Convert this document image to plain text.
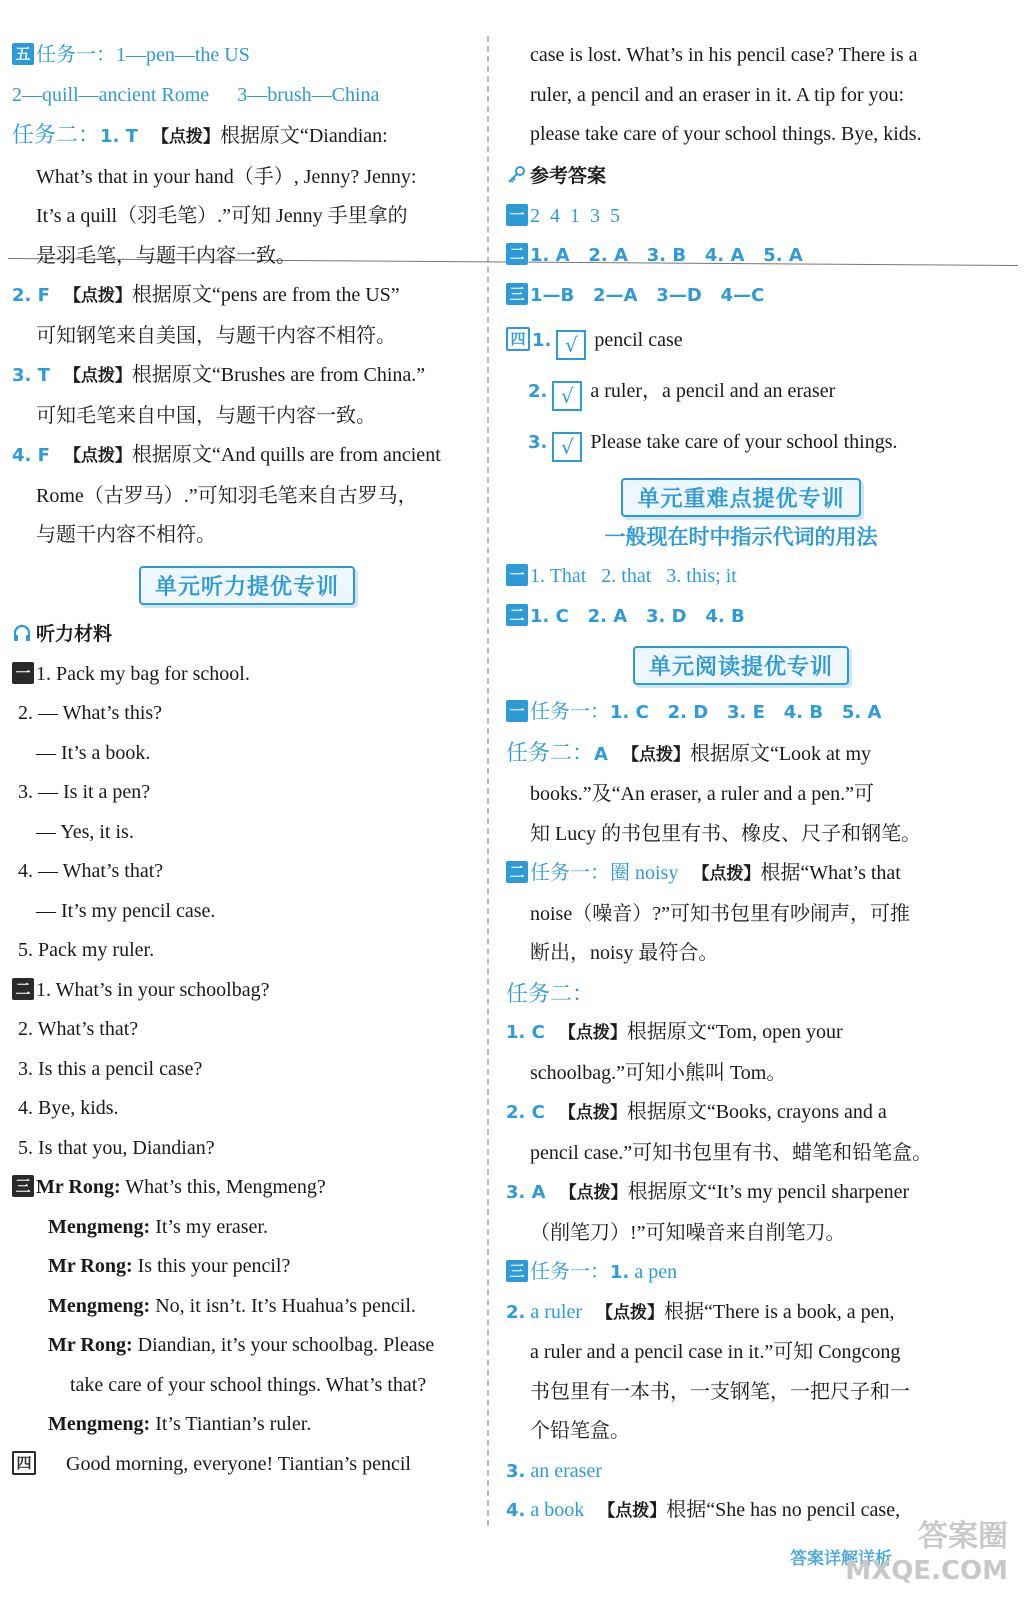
五 任务一：1—pen—the US
2—quill—ancient Rome 3—brush—China
任务二：1. T 【点拨】根据原文“Diandian:
What’s that in your hand（手）, Jenny? Jenny:
It’s a quill（羽毛笔）.”可知 Jenny 手里拿的
是羽毛笔，与题干内容一致。
2. F 【点拨】根据原文“pens are from the US”
可知钢笔来自美国，与题干内容不相符。
3. T 【点拨】根据原文“Brushes are from China.”
可知毛笔来自中国，与题干内容一致。
4. F 【点拨】根据原文“And quills are from ancient
Rome（古罗马）.”可知羽毛笔来自古罗马，
与题干内容不相符。
单元听力提优专训
听力材料
一 1. Pack my bag for school.
2. — What’s this?
— It’s a book.
3. — Is it a pen?
— Yes, it is.
4. — What’s that?
— It’s my pencil case.
5. Pack my ruler.
二 1. What’s in your schoolbag?
2. What’s that?
3. Is this a pencil case?
4. Bye, kids.
5. Is that you, Diandian?
三 Mr Rong: What’s this, Mengmeng?
Mengmeng: It’s my eraser.
Mr Rong: Is this your pencil?
Mengmeng: No, it isn’t. It’s Huahua’s pencil.
Mr Rong: Diandian, it’s your schoolbag. Please
take care of your school things. What’s that?
Mengmeng: It’s Tiantian’s ruler.
四 Good morning, everyone! Tiantian’s pencil
case is lost. What’s in his pencil case? There is a
ruler, a pencil and an eraser in it. A tip for you:
please take care of your school things. Bye, kids.
参考答案
一 2  4  1  3  5
二 1. A   2. A   3. B   4. A   5. A
三 1—B   2—A   3—D   4—C
四 1. √ pencil case
2. √ a ruler，a pencil and an eraser
3. √ Please take care of your school things.
单元重难点提优专训
一般现在时中指示代词的用法
一 1. That   2. that   3. this; it
二 1. C   2. A   3. D   4. B
单元阅读提优专训
一 任务一：1. C   2. D   3. E   4. B   5. A
任务二：A 【点拨】根据原文“Look at my
books.”及“An eraser, a ruler and a pen.”可
知 Lucy 的书包里有书、橡皮、尺子和钢笔。
二 任务一：圈 noisy 【点拨】根据“What’s that
noise（噪音）?”可知书包里有吵闹声，可推
断出，noisy 最符合。
任务二：
1. C 【点拨】根据原文“Tom, open your
schoolbag.”可知小熊叫 Tom。
2. C 【点拨】根据原文“Books, crayons and a
pencil case.”可知书包里有书、蜡笔和铅笔盒。
3. A 【点拨】根据原文“It’s my pencil sharpener
（削笔刀）!”可知噪音来自削笔刀。
三 任务一：1. a pen
2. a ruler 【点拨】根据“There is a book, a pen,
a ruler and a pencil case in it.”可知 Congcong
书包里有一本书，一支钢笔，一把尺子和一
个铅笔盒。
3. an eraser
4. a book 【点拨】根据“She has no pencil case,
答案详解详析
答案圈
MXQE.COM
